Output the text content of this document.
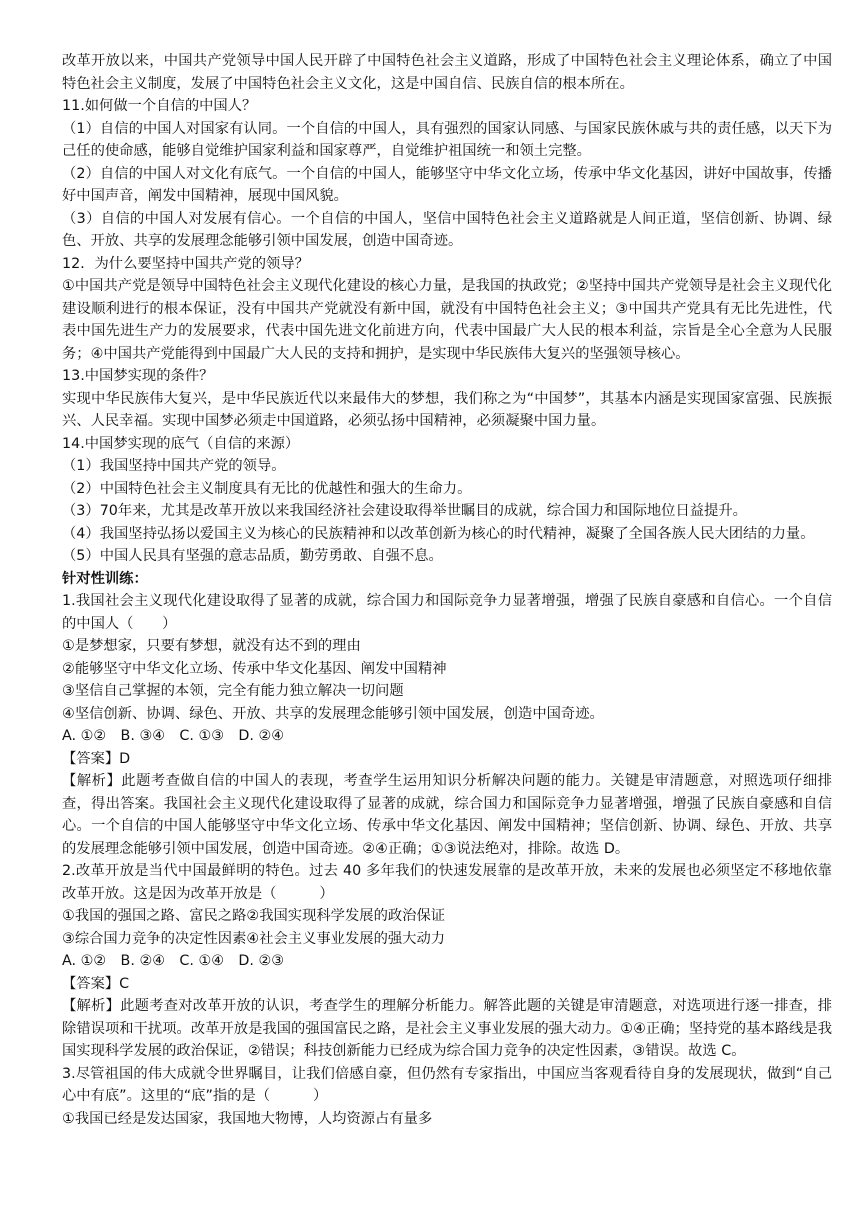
改革开放以来，中国共产党领导中国人民开辟了中国特色社会主义道路，形成了中国特色社会主义理论体系，确立了中国特色社会主义制度，发展了中国特色社会主义文化，这是中国自信、民族自信的根本所在。

11.如何做一个自信的中国人？

（1）自信的中国人对国家有认同。一个自信的中国人，具有强烈的国家认同感、与国家民族休戚与共的责任感，以天下为己任的使命感，能够自觉维护国家利益和国家尊严，自觉维护祖国统一和领土完整。

（2）自信的中国人对文化有底气。一个自信的中国人，能够坚守中华文化立场，传承中华文化基因，讲好中国故事，传播好中国声音，阐发中国精神，展现中国风貌。

（3）自信的中国人对发展有信心。一个自信的中国人，坚信中国特色社会主义道路就是人间正道，坚信创新、协调、绿色、开放、共享的发展理念能够引领中国发展，创造中国奇迹。

12．为什么要坚持中国共产党的领导？

①中国共产党是领导中国特色社会主义现代化建设的核心力量，是我国的执政党；②坚持中国共产党领导是社会主义现代化建设顺利进行的根本保证，没有中国共产党就没有新中国，就没有中国特色社会主义；③中国共产党具有无比先进性，代表中国先进生产力的发展要求，代表中国先进文化前进方向，代表中国最广大人民的根本利益，宗旨是全心全意为人民服务；④中国共产党能得到中国最广大人民的支持和拥护，是实现中华民族伟大复兴的坚强领导核心。

13.中国梦实现的条件？

实现中华民族伟大复兴，是中华民族近代以来最伟大的梦想，我们称之为“中国梦”，其基本内涵是实现国家富强、民族振兴、人民幸福。实现中国梦必须走中国道路，必须弘扬中国精神，必须凝聚中国力量。

14.中国梦实现的底气（自信的来源）

（1）我国坚持中国共产党的领导。

（2）中国特色社会主义制度具有无比的优越性和强大的生命力。

（3）70年来，尤其是改革开放以来我国经济社会建设取得举世瞩目的成就，综合国力和国际地位日益提升。

（4）我国坚持弘扬以爱国主义为核心的民族精神和以改革创新为核心的时代精神，凝聚了全国各族人民大团结的力量。

（5）中国人民具有坚强的意志品质，勤劳勇敢、自强不息。

针对性训练：

1.我国社会主义现代化建设取得了显著的成就，综合国力和国际竞争力显著增强，增强了民族自豪感和自信心。一个自信的中国人（　　）

①是梦想家，只要有梦想，就没有达不到的理由

②能够坚守中华文化立场、传承中华文化基因、阐发中国精神

③坚信自己掌握的本领，完全有能力独立解决一切问题

④坚信创新、协调、绿色、开放、共享的发展理念能够引领中国发展，创造中国奇迹。

A. ①②　B. ③④　C. ①③　D. ②④

【答案】D

【解析】此题考查做自信的中国人的表现，考查学生运用知识分析解决问题的能力。关键是审清题意，对照选项仔细排查，得出答案。我国社会主义现代化建设取得了显著的成就，综合国力和国际竞争力显著增强，增强了民族自豪感和自信心。一个自信的中国人能够坚守中华文化立场、传承中华文化基因、阐发中国精神；坚信创新、协调、绿色、开放、共享的发展理念能够引领中国发展，创造中国奇迹。②④正确；①③说法绝对，排除。故选 D。

2.改革开放是当代中国最鲜明的特色。过去 40 多年我们的快速发展靠的是改革开放，未来的发展也必须坚定不移地依靠改革开放。这是因为改革开放是（　　　）

①我国的强国之路、富民之路②我国实现科学发展的政治保证

③综合国力竞争的决定性因素④社会主义事业发展的强大动力

A. ①②　B. ②④　C. ①④　D. ②③

【答案】C

【解析】此题考查对改革开放的认识，考查学生的理解分析能力。解答此题的关键是审清题意，对选项进行逐一排查，排除错误项和干扰项。改革开放是我国的强国富民之路，是社会主义事业发展的强大动力。①④正确；坚持党的基本路线是我国实现科学发展的政治保证，②错误；科技创新能力已经成为综合国力竞争的决定性因素，③错误。故选 C。

3.尽管祖国的伟大成就令世界瞩目，让我们倍感自豪，但仍然有专家指出，中国应当客观看待自身的发展现状，做到“自己心中有底”。这里的“底”指的是（　　　）

①我国已经是发达国家，我国地大物博，人均资源占有量多
